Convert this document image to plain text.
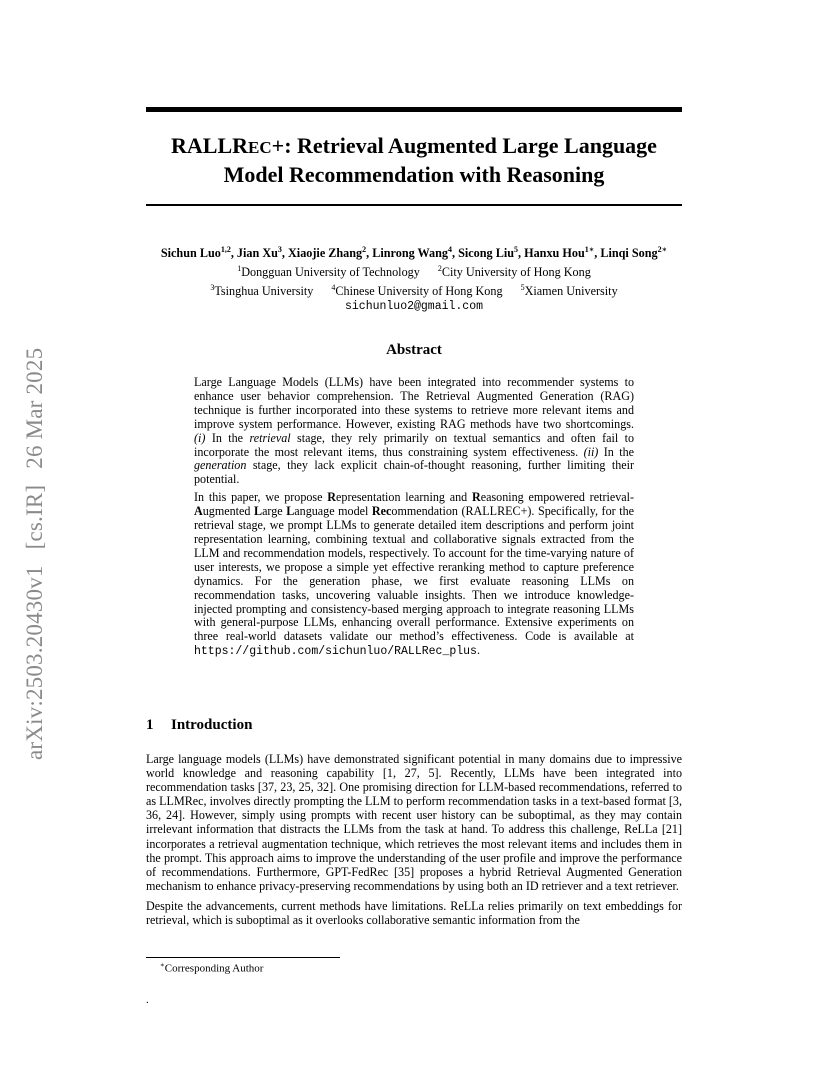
arXiv:2503.20430v1[cs.IR]26 Mar 2025
RALLREC+: Retrieval Augmented Large Language
Model Recommendation with Reasoning
Sichun Luo$^{1,2}$, Jian Xu$^3$, Xiaojie Zhang$^2$, Linrong Wang$^4$, Sicong Liu$^5$, Hanxu Hou$^{1∗}$, Linqi Song$^{2∗}$
$^1$Dongguan University of Technology $^2$City University of Hong Kong
$^3$Tsinghua University $^4$Chinese University of Hong Kong $^5$Xiamen University
sichunluo2@gmail.com
Abstract

Large Language Models (LLMs) have been integrated into recommender systems to enhance user behavior comprehension. The Retrieval Augmented Generation (RAG) technique is further incorporated into these systems to retrieve more relevant items and improve system performance. However, existing RAG methods have two shortcomings. (i) In the retrieval stage, they rely primarily on textual semantics and often fail to incorporate the most relevant items, thus constraining system effectiveness. (ii) In the generation stage, they lack explicit chain-of-thought reasoning, further limiting their potential.

In this paper, we propose Representation learning and Reasoning empowered retrieval-Augmented Large Language model Recommendation (RALLREC+). Specifically, for the retrieval stage, we prompt LLMs to generate detailed item descriptions and perform joint representation learning, combining textual and collaborative signals extracted from the LLM and recommendation models, respectively. To account for the time-varying nature of user interests, we propose a simple yet effective reranking method to capture preference dynamics. For the generation phase, we first evaluate reasoning LLMs on recommendation tasks, uncovering valuable insights. Then we introduce knowledge-injected prompting and consistency-based merging approach to integrate reasoning LLMs with general-purpose LLMs, enhancing overall performance. Extensive experiments on three real-world datasets validate our method’s effectiveness. Code is available at https://github.com/sichunluo/RALLRec_plus.

1 Introduction

Large language models (LLMs) have demonstrated significant potential in many domains due to impressive world knowledge and reasoning capability [1, 27, 5]. Recently, LLMs have been integrated into recommendation tasks [37, 23, 25, 32]. One promising direction for LLM-based recommendations, referred to as LLMRec, involves directly prompting the LLM to perform recommendation tasks in a text-based format [3, 36, 24]. However, simply using prompts with recent user history can be suboptimal, as they may contain irrelevant information that distracts the LLMs from the task at hand. To address this challenge, ReLLa [21] incorporates a retrieval augmentation technique, which retrieves the most relevant items and includes them in the prompt. This approach aims to improve the understanding of the user profile and improve the performance of recommendations. Furthermore, GPT-FedRec [35] proposes a hybrid Retrieval Augmented Generation mechanism to enhance privacy-preserving recommendations by using both an ID retriever and a text retriever.

Despite the advancements, current methods have limitations. ReLLa relies primarily on text embeddings for retrieval, which is suboptimal as it overlooks collaborative semantic information from the

∗Corresponding Author
.
